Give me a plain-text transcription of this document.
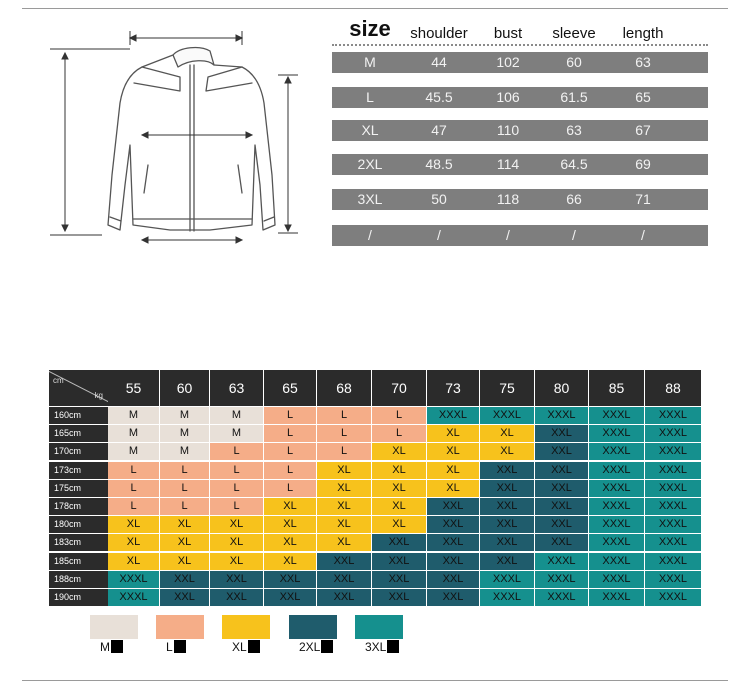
size shoulder bust sleeve length
M	44	102	60	63
L	45.5	106	61.5	65
XL	47	110	63	67
2XL	48.5	114	64.5	69
3XL	50	118	66	71
/	/	/	/	/
cm
kg	55	60	63	65	68	70	73	75	80	85	88
160cm	M	M	M	L	L	L	XXXL	XXXL	XXXL	XXXL	XXXL
165cm	M	M	M	L	L	L	XL	XL	XXL	XXXL	XXXL
170cm	M	M	L	L	L	XL	XL	XL	XXL	XXXL	XXXL
173cm	L	L	L	L	XL	XL	XL	XXL	XXL	XXXL	XXXL
175cm	L	L	L	L	XL	XL	XL	XXL	XXL	XXXL	XXXL
178cm	L	L	L	XL	XL	XL	XXL	XXL	XXL	XXXL	XXXL
180cm	XL	XL	XL	XL	XL	XL	XXL	XXL	XXL	XXXL	XXXL
183cm	XL	XL	XL	XL	XL	XXL	XXL	XXL	XXL	XXXL	XXXL
185cm	XL	XL	XL	XL	XXL	XXL	XXL	XXL	XXXL	XXXL	XXXL
188cm	XXXL	XXL	XXL	XXL	XXL	XXL	XXL	XXXL	XXXL	XXXL	XXXL
190cm	XXXL	XXL	XXL	XXL	XXL	XXL	XXL	XXXL	XXXL	XXXL	XXXL
M	L	XL	2XL	3XL
